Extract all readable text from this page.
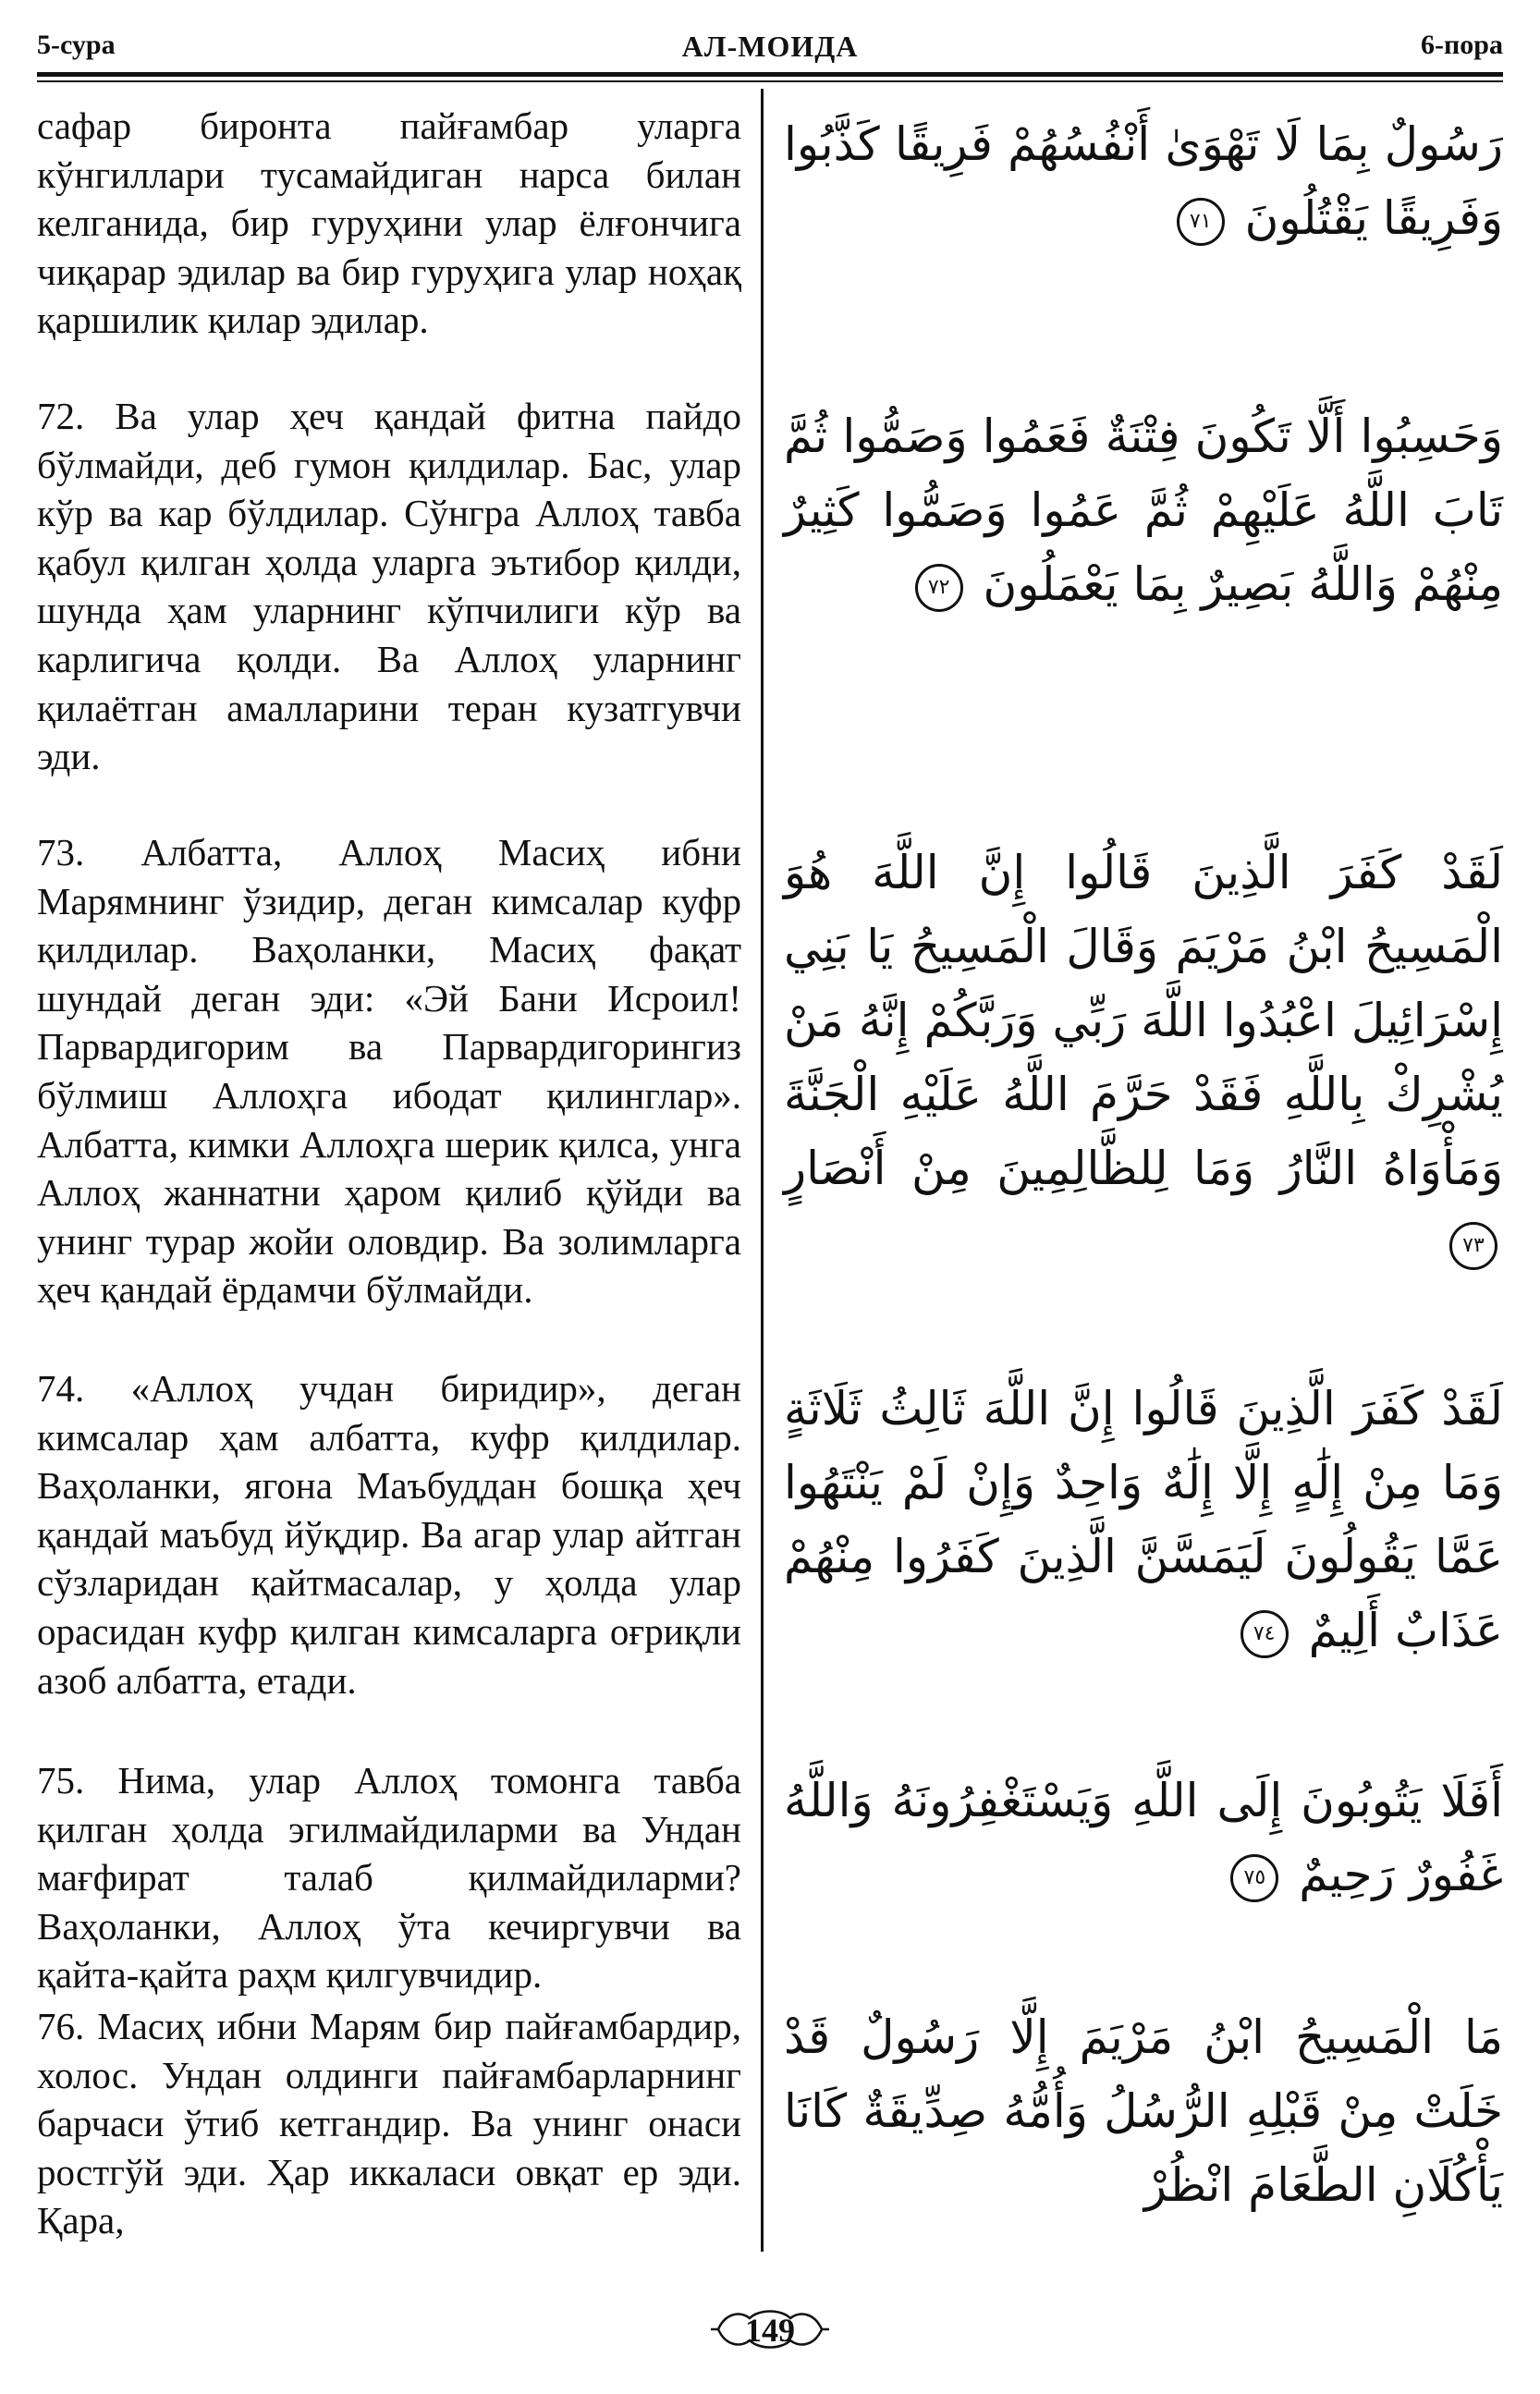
5-сура	АЛ-МОИДА	6-пора

сафар биронта пайғамбар уларга кўнгиллари тусамайдиган нарса билан келганида, бир гуруҳини улар ёлғончига чиқарар эдилар ва бир гуруҳига улар ноҳақ қаршилик қилар эдилар.

72. Ва улар ҳеч қандай фитна пайдо бўлмайди, деб гумон қилдилар. Бас, улар кўр ва кар бўлдилар. Сўнгра Аллоҳ тавба қабул қилган ҳолда уларга эътибор қилди, шунда ҳам уларнинг кўпчилиги кўр ва карлигича қолди. Ва Аллоҳ уларнинг қилаётган амалларини теран кузатгувчи эди.

73. Албатта, Аллоҳ Масиҳ ибни Марямнинг ўзидир, деган кимсалар куфр қилдилар. Ваҳоланки, Масиҳ фақат шундай деган эди: «Эй Бани Исроил! Парвардигорим ва Парвардигорингиз бўлмиш Аллоҳга ибодат қилинглар». Албатта, кимки Аллоҳга шерик қилса, унга Аллоҳ жаннатни ҳаром қилиб қўйди ва унинг турар жойи оловдир. Ва золимларга ҳеч қандай ёрдамчи бўлмайди.

74. «Аллоҳ учдан биридир», деган кимсалар ҳам албатта, куфр қилдилар. Ваҳоланки, ягона Маъбуддан бошқа ҳеч қандай маъбуд йўқдир. Ва агар улар айтган сўзларидан қайтмасалар, у ҳолда улар орасидан куфр қилган кимсаларга оғриқли азоб албатта, етади.

75. Нима, улар Аллоҳ томонга тавба қилган ҳолда эгилмайдиларми ва Ундан мағфират талаб қилмайдиларми? Ваҳоланки, Аллоҳ ўта кечиргувчи ва қайта-қайта раҳм қилгувчидир.

76. Масиҳ ибни Марям бир пайғамбардир, холос. Ундан олдинги пайғамбарларнинг барчаси ўтиб кетгандир. Ва унинг онаси ростгўй эди. Ҳар иккаласи овқат ер эди. Қара,

رَسُولٌ بِمَا لَا تَهْوَىٰ أَنْفُسُهُمْ فَرِيقًا كَذَّبُوا وَفَرِيقًا يَقْتُلُونَ ٧١

وَحَسِبُوا أَلَّا تَكُونَ فِتْنَةٌ فَعَمُوا وَصَمُّوا ثُمَّ تَابَ اللَّهُ عَلَيْهِمْ ثُمَّ عَمُوا وَصَمُّوا كَثِيرٌ مِنْهُمْ وَاللَّهُ بَصِيرٌ بِمَا يَعْمَلُونَ ٧٢

لَقَدْ كَفَرَ الَّذِينَ قَالُوا إِنَّ اللَّهَ هُوَ الْمَسِيحُ ابْنُ مَرْيَمَ وَقَالَ الْمَسِيحُ يَا بَنِي إِسْرَائِيلَ اعْبُدُوا اللَّهَ رَبِّي وَرَبَّكُمْ إِنَّهُ مَنْ يُشْرِكْ بِاللَّهِ فَقَدْ حَرَّمَ اللَّهُ عَلَيْهِ الْجَنَّةَ وَمَأْوَاهُ النَّارُ وَمَا لِلظَّالِمِينَ مِنْ أَنْصَارٍ ٧٣

لَقَدْ كَفَرَ الَّذِينَ قَالُوا إِنَّ اللَّهَ ثَالِثُ ثَلَاثَةٍ وَمَا مِنْ إِلَٰهٍ إِلَّا إِلَٰهٌ وَاحِدٌ وَإِنْ لَمْ يَنْتَهُوا عَمَّا يَقُولُونَ لَيَمَسَّنَّ الَّذِينَ كَفَرُوا مِنْهُمْ عَذَابٌ أَلِيمٌ ٧٤

أَفَلَا يَتُوبُونَ إِلَى اللَّهِ وَيَسْتَغْفِرُونَهُ وَاللَّهُ غَفُورٌ رَحِيمٌ ٧٥

مَا الْمَسِيحُ ابْنُ مَرْيَمَ إِلَّا رَسُولٌ قَدْ خَلَتْ مِنْ قَبْلِهِ الرُّسُلُ وَأُمُّهُ صِدِّيقَةٌ كَانَا يَأْكُلَانِ الطَّعَامَ انْظُرْ

149
